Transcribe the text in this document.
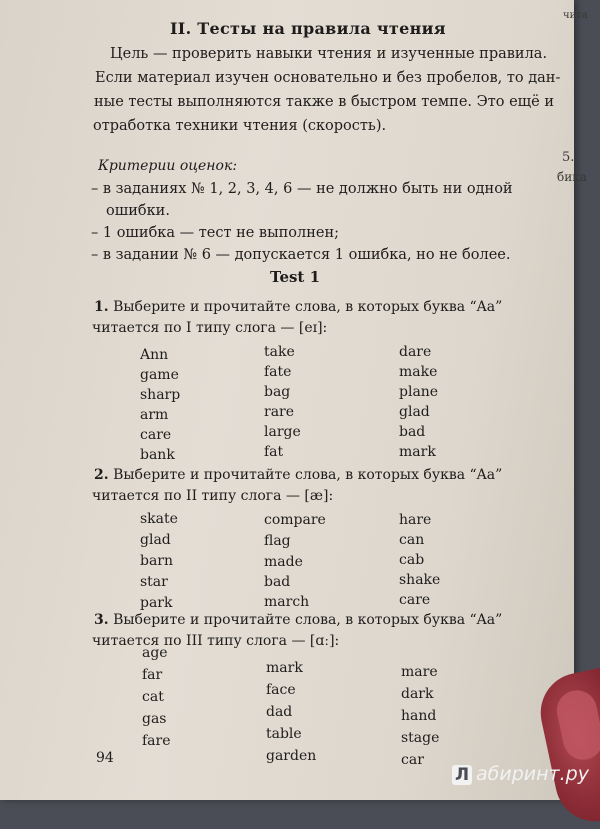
II. Тесты на правила чтения
Цель — проверить навыки чтения и изученные правила.
Если материал изучен основательно и без пробелов, то дан-
ные тесты выполняются также в быстром темпе. Это ещё и
отработка техники чтения (скорость).
Критерии оценок:
– в заданиях № 1, 2, 3, 4, 6 — не должно быть ни одной
ошибки.
– 1 ошибка — тест не выполнен;
– в задании № 6 — допускается 1 ошибка, но не более.
Test 1
1. Выберите и прочитайте слова, в которых буква “Aa”
читается по I типу слога — [eɪ]:
Ann
game
sharp
arm
care
bank
take
fate
bag
rare
large
fat
dare
make
plane
glad
bad
mark
2. Выберите и прочитайте слова, в которых буква “Aa”
читается по II типу слога — [æ]:
skate
glad
barn
star
park
compare
flag
made
bad
march
hare
can
cab
shake
care
3. Выберите и прочитайте слова, в которых буква “Aa”
читается по III типу слога — [ɑː]:
age
far
cat
gas
fare
mark
face
dad
table
garden
mare
dark
hand
stage
car
94
чита
5.
бика
Л абиринт.ру
